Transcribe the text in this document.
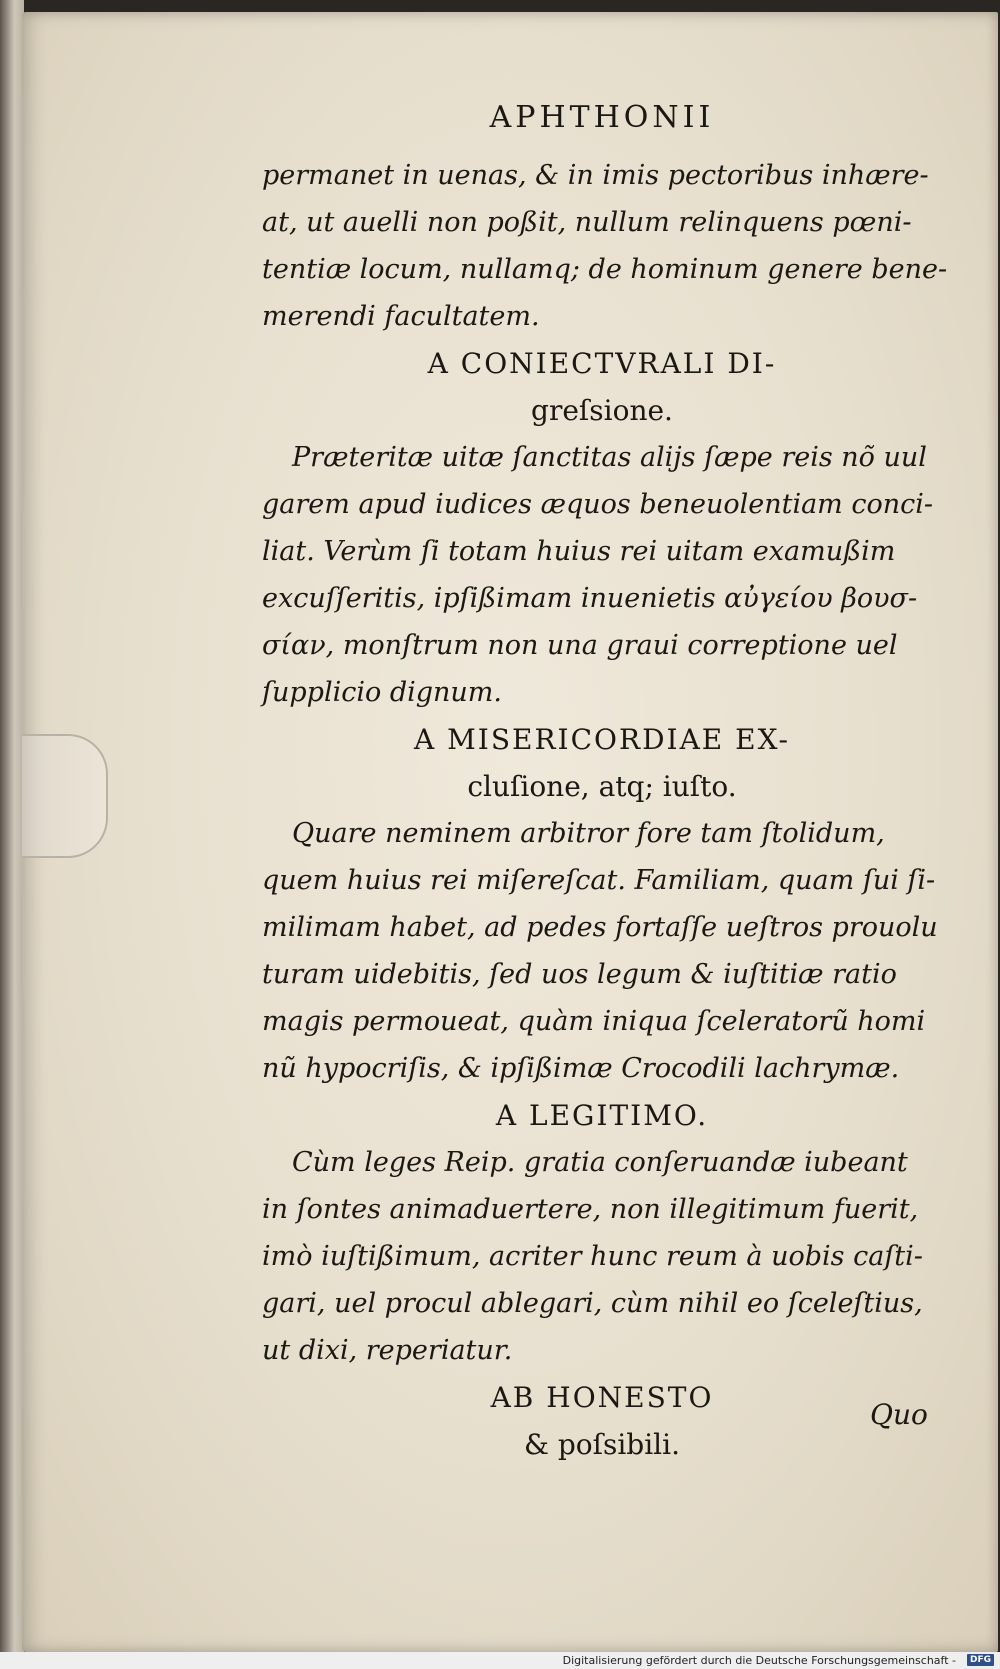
APHTHONII

permanet in uenas, & in imis pectoribus inhære-
at, ut auelli non poßit, nullum relinquens pœni-
tentiæ locum, nullamq; de hominum genere bene-
merendi facultatem.

A CONIECTVRALI DI-
greſsione.

Præteritæ uitæ ſanctitas alijs ſæpe reis nõ uul
garem apud iudices æquos beneuolentiam conci-
liat. Verùm ſi totam huius rei uitam examußim
excuſſeritis, ipſißimam inuenietis αὐγείου βουσ-
σίαν, monſtrum non una graui correptione uel
ſupplicio dignum.

A MISERICORDIAE EX-
cluſione, atq; iuſto.

Quare neminem arbitror fore tam ſtolidum,
quem huius rei miſereſcat. Familiam, quam ſui ſi-
milimam habet, ad pedes fortaſſe ueſtros prouolu
turam uidebitis, ſed uos legum & iuſtitiæ ratio
magis permoueat, quàm iniqua ſceleratorũ homi
nũ hypocriſis, & ipſißimæ Crocodili lachrymæ.

A LEGITIMO.

Cùm leges Reip. gratia conſeruandæ iubeant
in ſontes animaduertere, non illegitimum fuerit,
imò iuſtißimum, acriter hunc reum à uobis caſti-
gari, uel procul ablegari, cùm nihil eo ſceleſtius,
ut dixi, reperiatur.

AB HONESTO
& poſsibili.
Quo
Digitalisierung gefördert durch die Deutsche Forschungsgemeinschaft -	DFG
